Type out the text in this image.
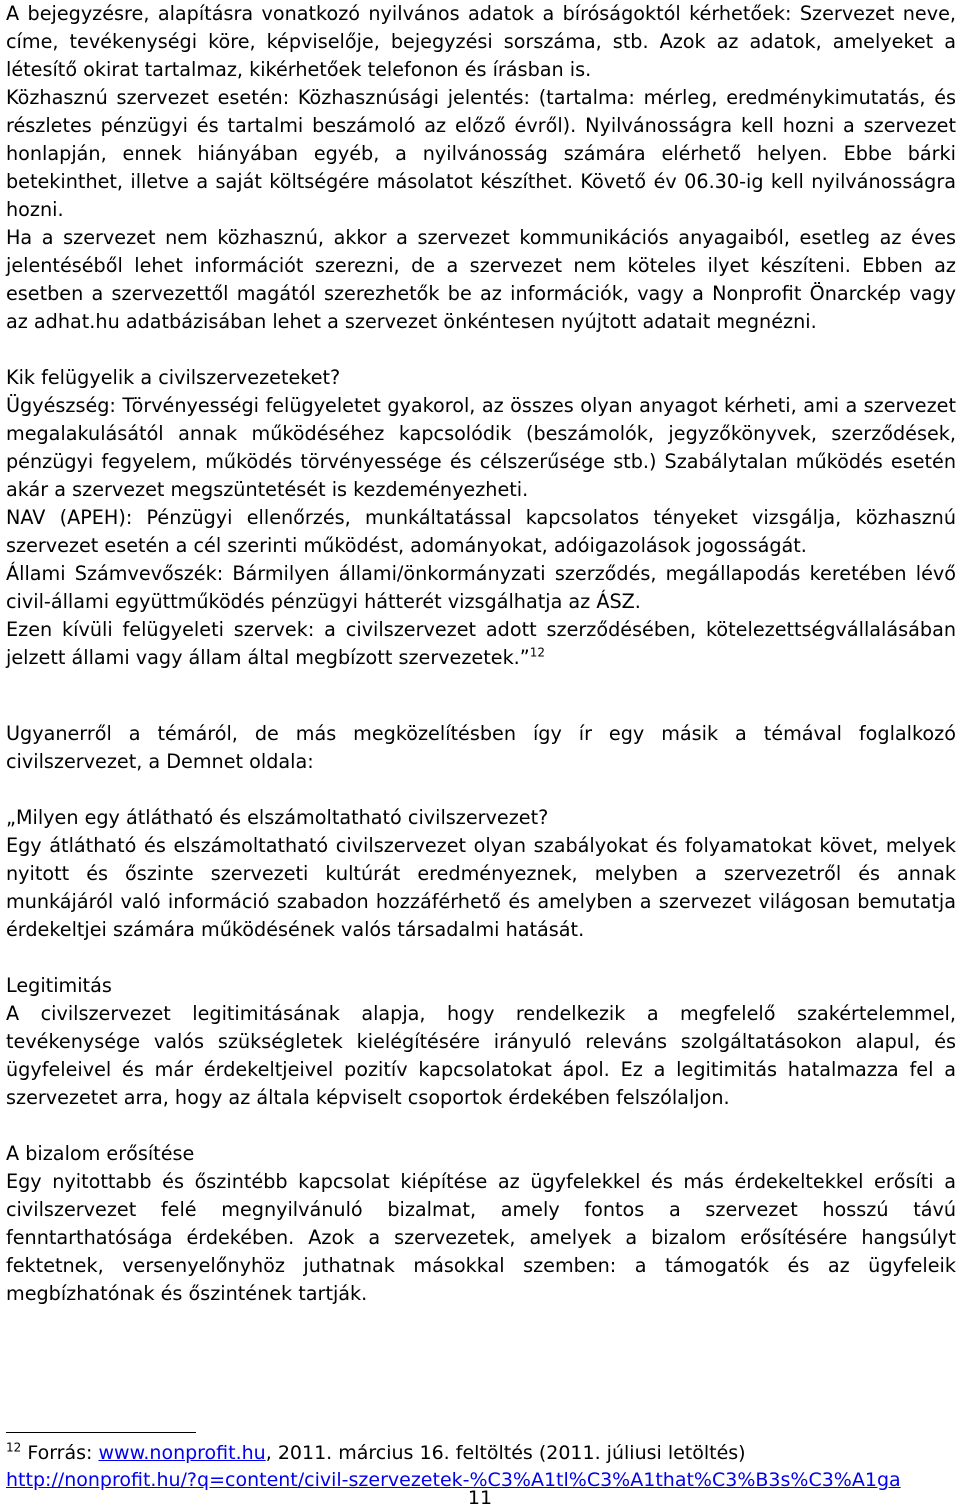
A bejegyzésre, alapításra vonatkozó nyilvános adatok a bíróságoktól kérhetőek: Szervezet neve, címe, tevékenységi köre, képviselője, bejegyzési sorszáma, stb. Azok az adatok, amelyeket a létesítő okirat tartalmaz, kikérhetőek telefonon és írásban is.

Közhasznú szervezet esetén: Közhasznúsági jelentés: (tartalma: mérleg, eredménykimutatás, és részletes pénzügyi és tartalmi beszámoló az előző évről). Nyilvánosságra kell hozni a szervezet honlapján, ennek hiányában egyéb, a nyilvánosság számára elérhető helyen. Ebbe bárki betekinthet, illetve a saját költségére másolatot készíthet. Követő év 06.30-ig kell nyilvánosságra hozni.

Ha a szervezet nem közhasznú, akkor a szervezet kommunikációs anyagaiból, esetleg az éves jelentéséből lehet információt szerezni, de a szervezet nem köteles ilyet készíteni. Ebben az esetben a szervezettől magától szerezhetők be az információk, vagy a Nonprofit Önarckép vagy az adhat.hu adatbázisában lehet a szervezet önkéntesen nyújtott adatait megnézni.

Kik felügyelik a civilszervezeteket?

Ügyészség: Törvényességi felügyeletet gyakorol, az összes olyan anyagot kérheti, ami a szervezet megalakulásától annak működéséhez kapcsolódik (beszámolók, jegyzőkönyvek, szerződések, pénzügyi fegyelem, működés törvényessége és célszerűsége stb.) Szabálytalan működés esetén akár a szervezet megszüntetését is kezdeményezheti.

NAV (APEH): Pénzügyi ellenőrzés, munkáltatással kapcsolatos tényeket vizsgálja, közhasznú szervezet esetén a cél szerinti működést, adományokat, adóigazolások jogosságát.

Állami Számvevőszék: Bármilyen állami/önkormányzati szerződés, megállapodás keretében lévő civil-állami együttműködés pénzügyi hátterét vizsgálhatja az ÁSZ.

Ezen kívüli felügyeleti szervek: a civilszervezet adott szerződésében, kötelezettségvállalásában jelzett állami vagy állam által megbízott szervezetek.”$^{12}$

Ugyanerről a témáról, de más megközelítésben így ír egy másik a témával foglalkozó civilszervezet, a Demnet oldala:

„Milyen egy átlátható és elszámoltatható civilszervezet?

Egy átlátható és elszámoltatható civilszervezet olyan szabályokat és folyamatokat követ, melyek nyitott és őszinte szervezeti kultúrát eredményeznek, melyben a szervezetről és annak munkájáról való információ szabadon hozzáférhető és amelyben a szervezet világosan bemutatja érdekeltjei számára működésének valós társadalmi hatását.

Legitimitás

A civilszervezet legitimitásának alapja, hogy rendelkezik a megfelelő szakértelemmel, tevékenysége valós szükségletek kielégítésére irányuló releváns szolgáltatásokon alapul, és ügyfeleivel és már érdekeltjeivel pozitív kapcsolatokat ápol. Ez a legitimitás hatalmazza fel a szervezetet arra, hogy az általa képviselt csoportok érdekében felszólaljon.

A bizalom erősítése

Egy nyitottabb és őszintébb kapcsolat kiépítése az ügyfelekkel és más érdekeltekkel erősíti a civilszervezet felé megnyilvánuló bizalmat, amely fontos a szervezet hosszú távú fenntarthatósága érdekében. Azok a szervezetek, amelyek a bizalom erősítésére hangsúlyt fektetnek, versenyelőnyhöz juthatnak másokkal szemben: a támogatók és az ügyfeleik megbízhatónak és őszintének tartják.

$^{12}$ Forrás: www.nonprofit.hu, 2011. március 16. feltöltés (2011. júliusi letöltés)
http://nonprofit.hu/?q=content/civil-szervezetek-%C3%A1tl%C3%A1that%C3%B3s%C3%A1ga
11
